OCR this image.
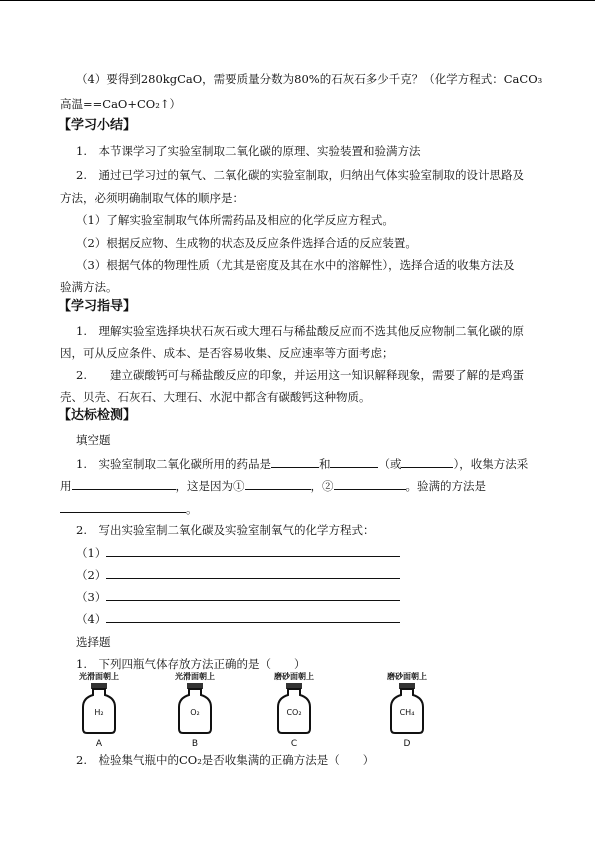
（4）要得到280kgCaO，需要质量分数为80%的石灰石多少千克？（化学方程式：CaCO₃
高温==CaO+CO₂↑）
【学习小结】
1.　本节课学习了实验室制取二氧化碳的原理、实验装置和验满方法
2.　通过已学习过的氧气、二氧化碳的实验室制取，归纳出气体实验室制取的设计思路及
方法，必须明确制取气体的顺序是：
（1）了解实验室制取气体所需药品及相应的化学反应方程式。
（2）根据反应物、生成物的状态及反应条件选择合适的反应装置。
（3）根据气体的物理性质（尤其是密度及其在水中的溶解性），选择合适的收集方法及
验满方法。
【学习指导】
1.　理解实验室选择块状石灰石或大理石与稀盐酸反应而不选其他反应物制二氧化碳的原
因，可从反应条件、成本、是否容易收集、反应速率等方面考虑；
2.　　建立碳酸钙可与稀盐酸反应的印象，并运用这一知识解释现象，需要了解的是鸡蛋
壳、贝壳、石灰石、大理石、水泥中都含有碳酸钙这种物质。
【达标检测】
填空题
1.　实验室制取二氧化碳所用的药品是	和	（或	），收集方法采
用	，这是因为①	，②	。验满的方法是
。
2.　写出实验室制二氧化碳及实验室制氧气的化学方程式：
（1）
（2）
（3）
（4）
选择题
1.　下列四瓶气体存放方法正确的是（　　）
光滑面朝上
H₂
A
光滑面朝上
O₂
B
磨砂面朝上
CO₂
C
磨砂面朝上
CH₄
D
2.　检验集气瓶中的CO₂是否收集满的正确方法是（　　）
